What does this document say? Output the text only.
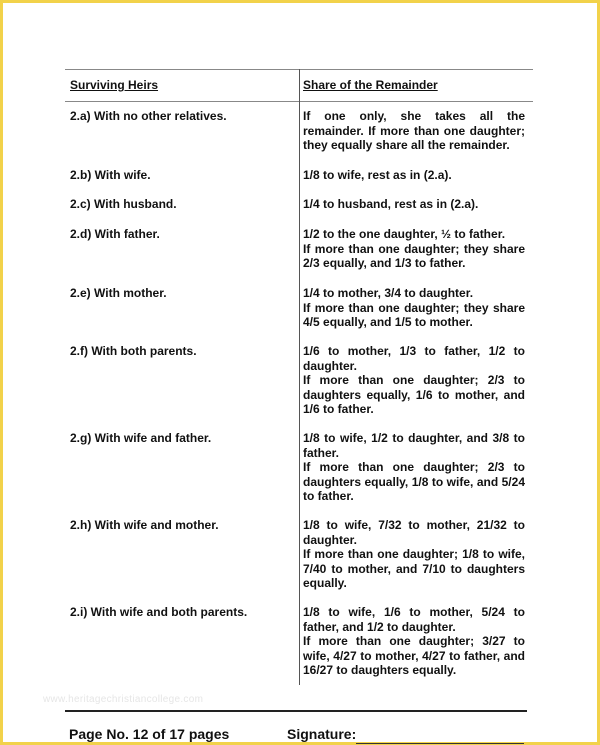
Surviving Heirs	Share of the Remainder
2.a) With no other relatives.	If one only, she takes all the remainder. If more than one daughter; they equally share all the remainder.
2.b) With wife.	1/8 to wife, rest as in (2.a).
2.c) With husband.	1/4 to husband, rest as in (2.a).
2.d) With father.	1/2 to the one daughter, ½ to father.
If more than one daughter; they share 2/3 equally, and 1/3 to father.
2.e) With mother.	1/4 to mother, 3/4 to daughter.
If more than one daughter; they share 4/5 equally, and 1/5 to mother.
2.f) With both parents.	1/6 to mother, 1/3 to father, 1/2 to daughter.
If more than one daughter; 2/3 to daughters equally, 1/6 to mother, and 1/6 to father.
2.g) With wife and father.	1/8 to wife, 1/2 to daughter, and 3/8 to father.
If more than one daughter; 2/3 to daughters equally, 1/8 to wife, and 5/24 to father.
2.h) With wife and mother.	1/8 to wife, 7/32 to mother, 21/32 to daughter.
If more than one daughter; 1/8 to wife, 7/40 to mother, and 7/10 to daughters equally.
2.i) With wife and both parents.	1/8 to wife, 1/6 to mother, 5/24 to father, and 1/2 to daughter.
If more than one daughter; 3/27 to wife, 4/27 to mother, 4/27 to father, and 16/27 to daughters equally.
www.heritagechristiancollege.com
Page No. 12 of 17 pages	Signature:
